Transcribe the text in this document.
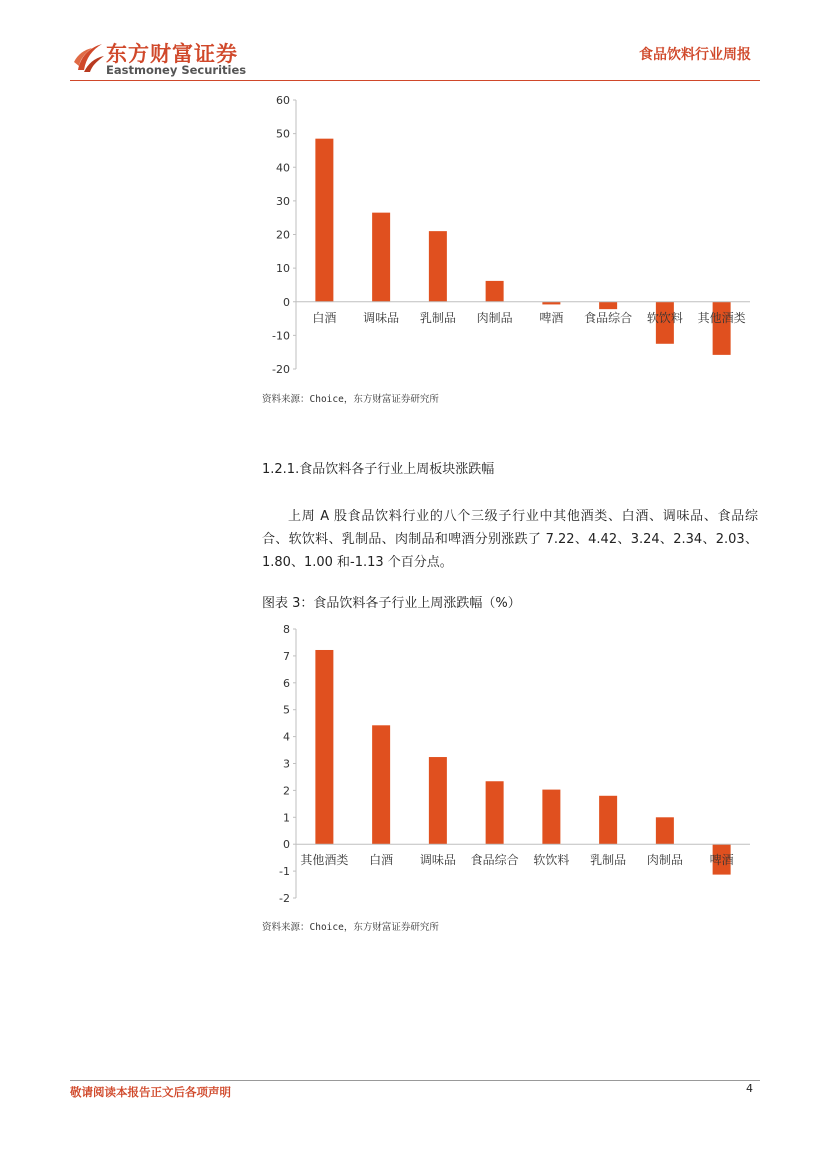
东方财富证券
Eastmoney Securities
食品饮料行业周报
60
50
40
30
20
10
0
-10
-20
白酒 调味品 乳制品 肉制品 啤酒 食品综合 软饮料 其他酒类
资料来源：Choice，东方财富证券研究所
1.2.1.食品饮料各子行业上周板块涨跌幅
上周 A 股食品饮料行业的八个三级子行业中其他酒类、白酒、调味品、食品综合、软饮料、乳制品、肉制品和啤酒分别涨跌了 7.22、4.42、3.24、2.34、2.03、1.80、1.00 和-1.13 个百分点。
图表 3：食品饮料各子行业上周涨跌幅（%）
8
7
6
5
4
3
2
1
0
-1
-2
其他酒类 白酒 调味品 食品综合 软饮料 乳制品 肉制品 啤酒
资料来源：Choice，东方财富证券研究所
敬请阅读本报告正文后各项声明	4
